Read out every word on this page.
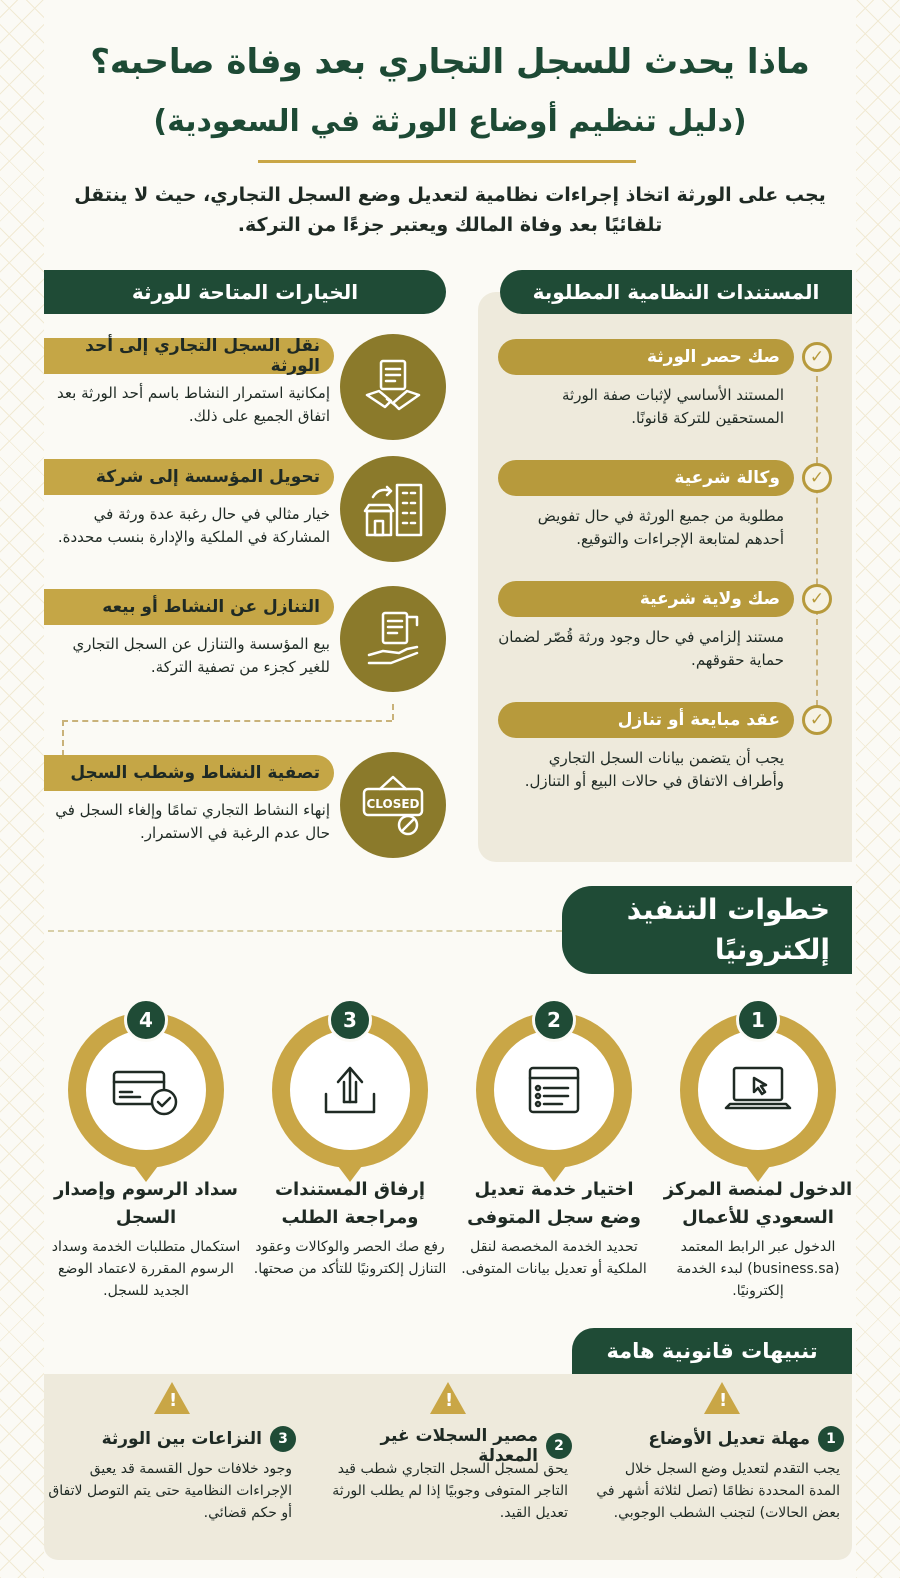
ماذا يحدث للسجل التجاري بعد وفاة صاحبه؟
(دليل تنظيم أوضاع الورثة في السعودية)
يجب على الورثة اتخاذ إجراءات نظامية لتعديل وضع السجل التجاري، حيث لا ينتقل تلقائيًا بعد وفاة المالك ويعتبر جزءًا من التركة.
المستندات النظامية المطلوبة
✓
صك حصر الورثة
المستند الأساسي لإثبات صفة الورثة المستحقين للتركة قانونًا.
✓
وكالة شرعية
مطلوبة من جميع الورثة في حال تفويض أحدهم لمتابعة الإجراءات والتوقيع.
✓
صك ولاية شرعية
مستند إلزامي في حال وجود ورثة قُصّر لضمان حماية حقوقهم.
✓
عقد مبايعة أو تنازل
يجب أن يتضمن بيانات السجل التجاري وأطراف الاتفاق في حالات البيع أو التنازل.
الخيارات المتاحة للورثة
نقل السجل التجاري إلى أحد الورثة
إمكانية استمرار النشاط باسم أحد الورثة بعد اتفاق الجميع على ذلك.
تحويل المؤسسة إلى شركة
خيار مثالي في حال رغبة عدة ورثة في المشاركة في الملكية والإدارة بنسب محددة.
التنازل عن النشاط أو بيعه
بيع المؤسسة والتنازل عن السجل التجاري للغير كجزء من تصفية التركة.
CLOSED
تصفية النشاط وشطب السجل
إنهاء النشاط التجاري تمامًا وإلغاء السجل في حال عدم الرغبة في الاستمرار.
خطوات التنفيذ
إلكترونيًا
1
2
3
4
الدخول لمنصة المركز السعودي للأعمال
الدخول عبر الرابط المعتمد (business.sa) لبدء الخدمة إلكترونيًا.
اختيار خدمة تعديل وضع سجل المتوفى
تحديد الخدمة المخصصة لنقل الملكية أو تعديل بيانات المتوفى.
إرفاق المستندات ومراجعة الطلب
رفع صك الحصر والوكالات وعقود التنازل إلكترونيًا للتأكد من صحتها.
سداد الرسوم وإصدار السجل
استكمال متطلبات الخدمة وسداد الرسوم المقررة لاعتماد الوضع الجديد للسجل.
تنبيهات قانونية هامة
!
!
!
1
مهلة تعديل الأوضاع
يجب التقدم لتعديل وضع السجل خلال المدة المحددة نظامًا (تصل لثلاثة أشهر في بعض الحالات) لتجنب الشطب الوجوبي.
2
مصير السجلات غير المعدلة
يحق لمسجل السجل التجاري شطب قيد التاجر المتوفى وجوبيًا إذا لم يطلب الورثة تعديل القيد.
3
النزاعات بين الورثة
وجود خلافات حول القسمة قد يعيق الإجراءات النظامية حتى يتم التوصل لاتفاق أو حكم قضائي.
